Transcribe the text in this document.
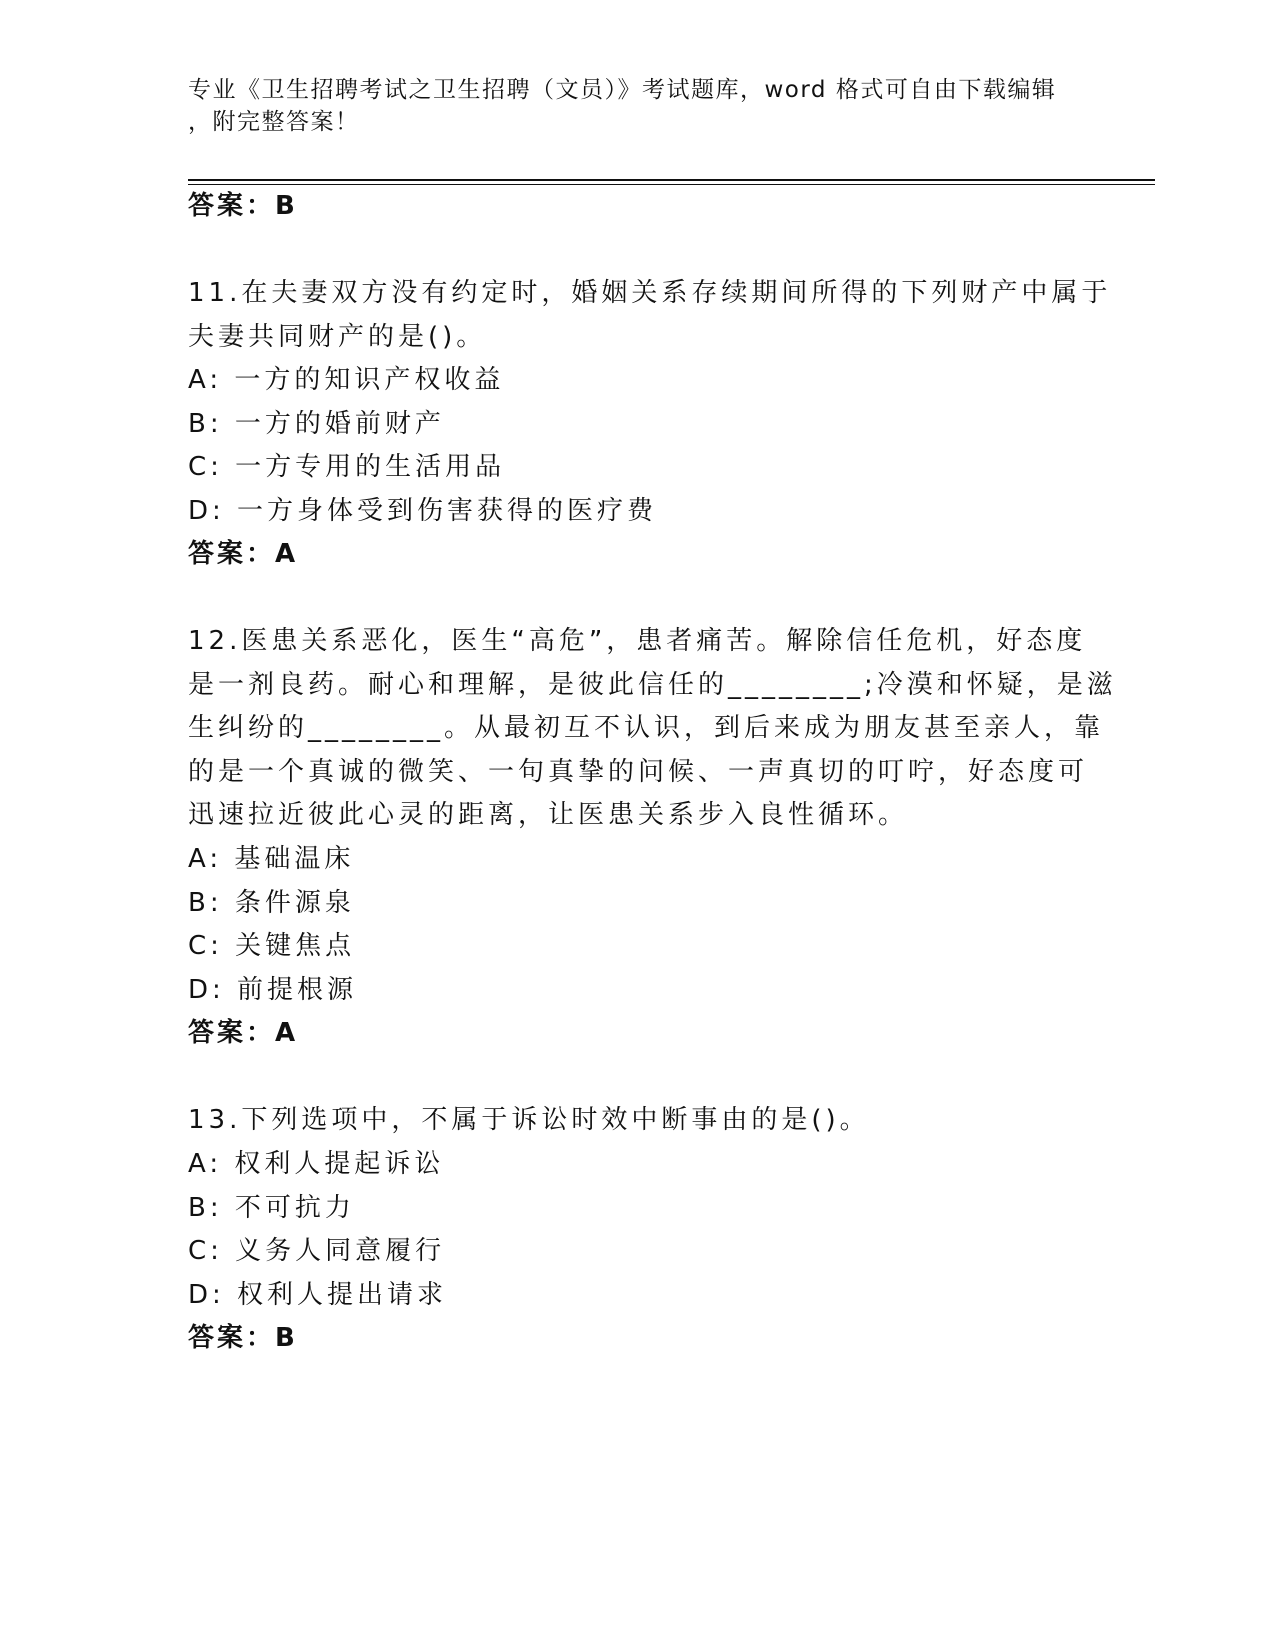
专业《卫生招聘考试之卫生招聘（文员）》考试题库，word 格式可自由下载编辑
，附完整答案！
答案：B
11.在夫妻双方没有约定时，婚姻关系存续期间所得的下列财产中属于
夫妻共同财产的是()。
A: 一方的知识产权收益
B: 一方的婚前财产
C: 一方专用的生活用品
D: 一方身体受到伤害获得的医疗费
答案：A
12.医患关系恶化，医生“高危”，患者痛苦。解除信任危机，好态度
是一剂良药。耐心和理解，是彼此信任的________;冷漠和怀疑，是滋
生纠纷的________。从最初互不认识，到后来成为朋友甚至亲人，靠
的是一个真诚的微笑、一句真挚的问候、一声真切的叮咛，好态度可
迅速拉近彼此心灵的距离，让医患关系步入良性循环。
A: 基础温床
B: 条件源泉
C: 关键焦点
D: 前提根源
答案：A
13.下列选项中，不属于诉讼时效中断事由的是()。
A: 权利人提起诉讼
B: 不可抗力
C: 义务人同意履行
D: 权利人提出请求
答案：B
